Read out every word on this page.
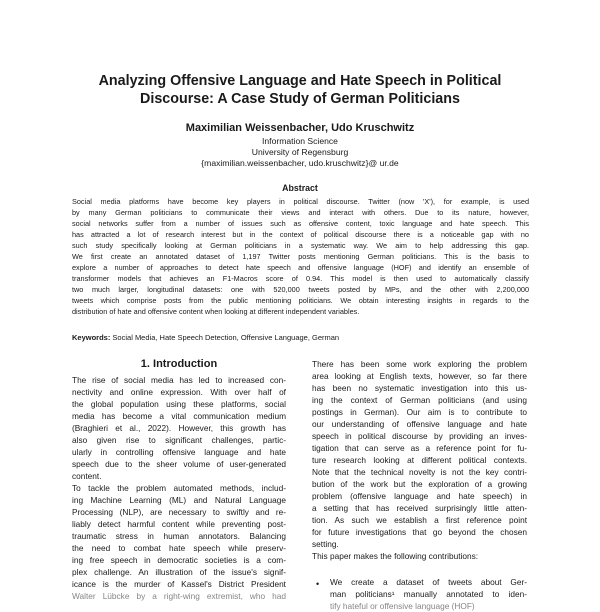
Analyzing Offensive Language and Hate Speech in Political
Discourse: A Case Study of German Politicians
Maximilian Weissenbacher, Udo Kruschwitz
Information Science
University of Regensburg
{maximilian.weissenbacher, udo.kruschwitz}@ ur.de
Abstract
Social media platforms have become key players in political discourse. Twitter (now 'X'), for example, is used
by many German politicians to communicate their views and interact with others. Due to its nature, however,
social networks suffer from a number of issues such as offensive content, toxic language and hate speech. This
has attracted a lot of research interest but in the context of political discourse there is a noticeable gap with no
such study specifically looking at German politicians in a systematic way. We aim to help addressing this gap.
We first create an annotated dataset of 1,197 Twitter posts mentioning German politicians. This is the basis to
explore a number of approaches to detect hate speech and offensive language (HOF) and identify an ensemble of
transformer models that achieves an F1-Macros score of 0.94. This model is then used to automatically classify
two much larger, longitudinal datasets: one with 520,000 tweets posted by MPs, and the other with 2,200,000
tweets which comprise posts from the public mentioning politicians. We obtain interesting insights in regards to the
distribution of hate and offensive content when looking at different independent variables.
Keywords: Social Media, Hate Speech Detection, Offensive Language, German
1. Introduction
The rise of social media has led to increased con-
nectivity and online expression. With over half of
the global population using these platforms, social
media has become a vital communication medium
(Braghieri et al., 2022). However, this growth has
also given rise to significant challenges, partic-
ularly in controlling offensive language and hate
speech due to the sheer volume of user-generated
content.
To tackle the problem automated methods, includ-
ing Machine Learning (ML) and Natural Language
Processing (NLP), are necessary to swiftly and re-
liably detect harmful content while preventing post-
traumatic stress in human annotators. Balancing
the need to combat hate speech while preserv-
ing free speech in democratic societies is a com-
plex challenge. An illustration of the issue's signif-
icance is the murder of Kassel's District President
Walter Lübcke by a right-wing extremist, who had
There has been some work exploring the problem
area looking at English texts, however, so far there
has been no systematic investigation into this us-
ing the context of German politicians (and using
postings in German). Our aim is to contribute to
our understanding of offensive language and hate
speech in political discourse by providing an inves-
tigation that can serve as a reference point for fu-
ture research looking at different political contexts.
Note that the technical novelty is not the key contri-
bution of the work but the exploration of a growing
problem (offensive language and hate speech) in
a setting that has received surprisingly little atten-
tion. As such we establish a first reference point
for future investigations that go beyond the chosen
setting.
This paper makes the following contributions:
• We create a dataset of tweets about Ger-
man politicians¹ manually annotated to iden-
tify hateful or offensive language (HOF)
